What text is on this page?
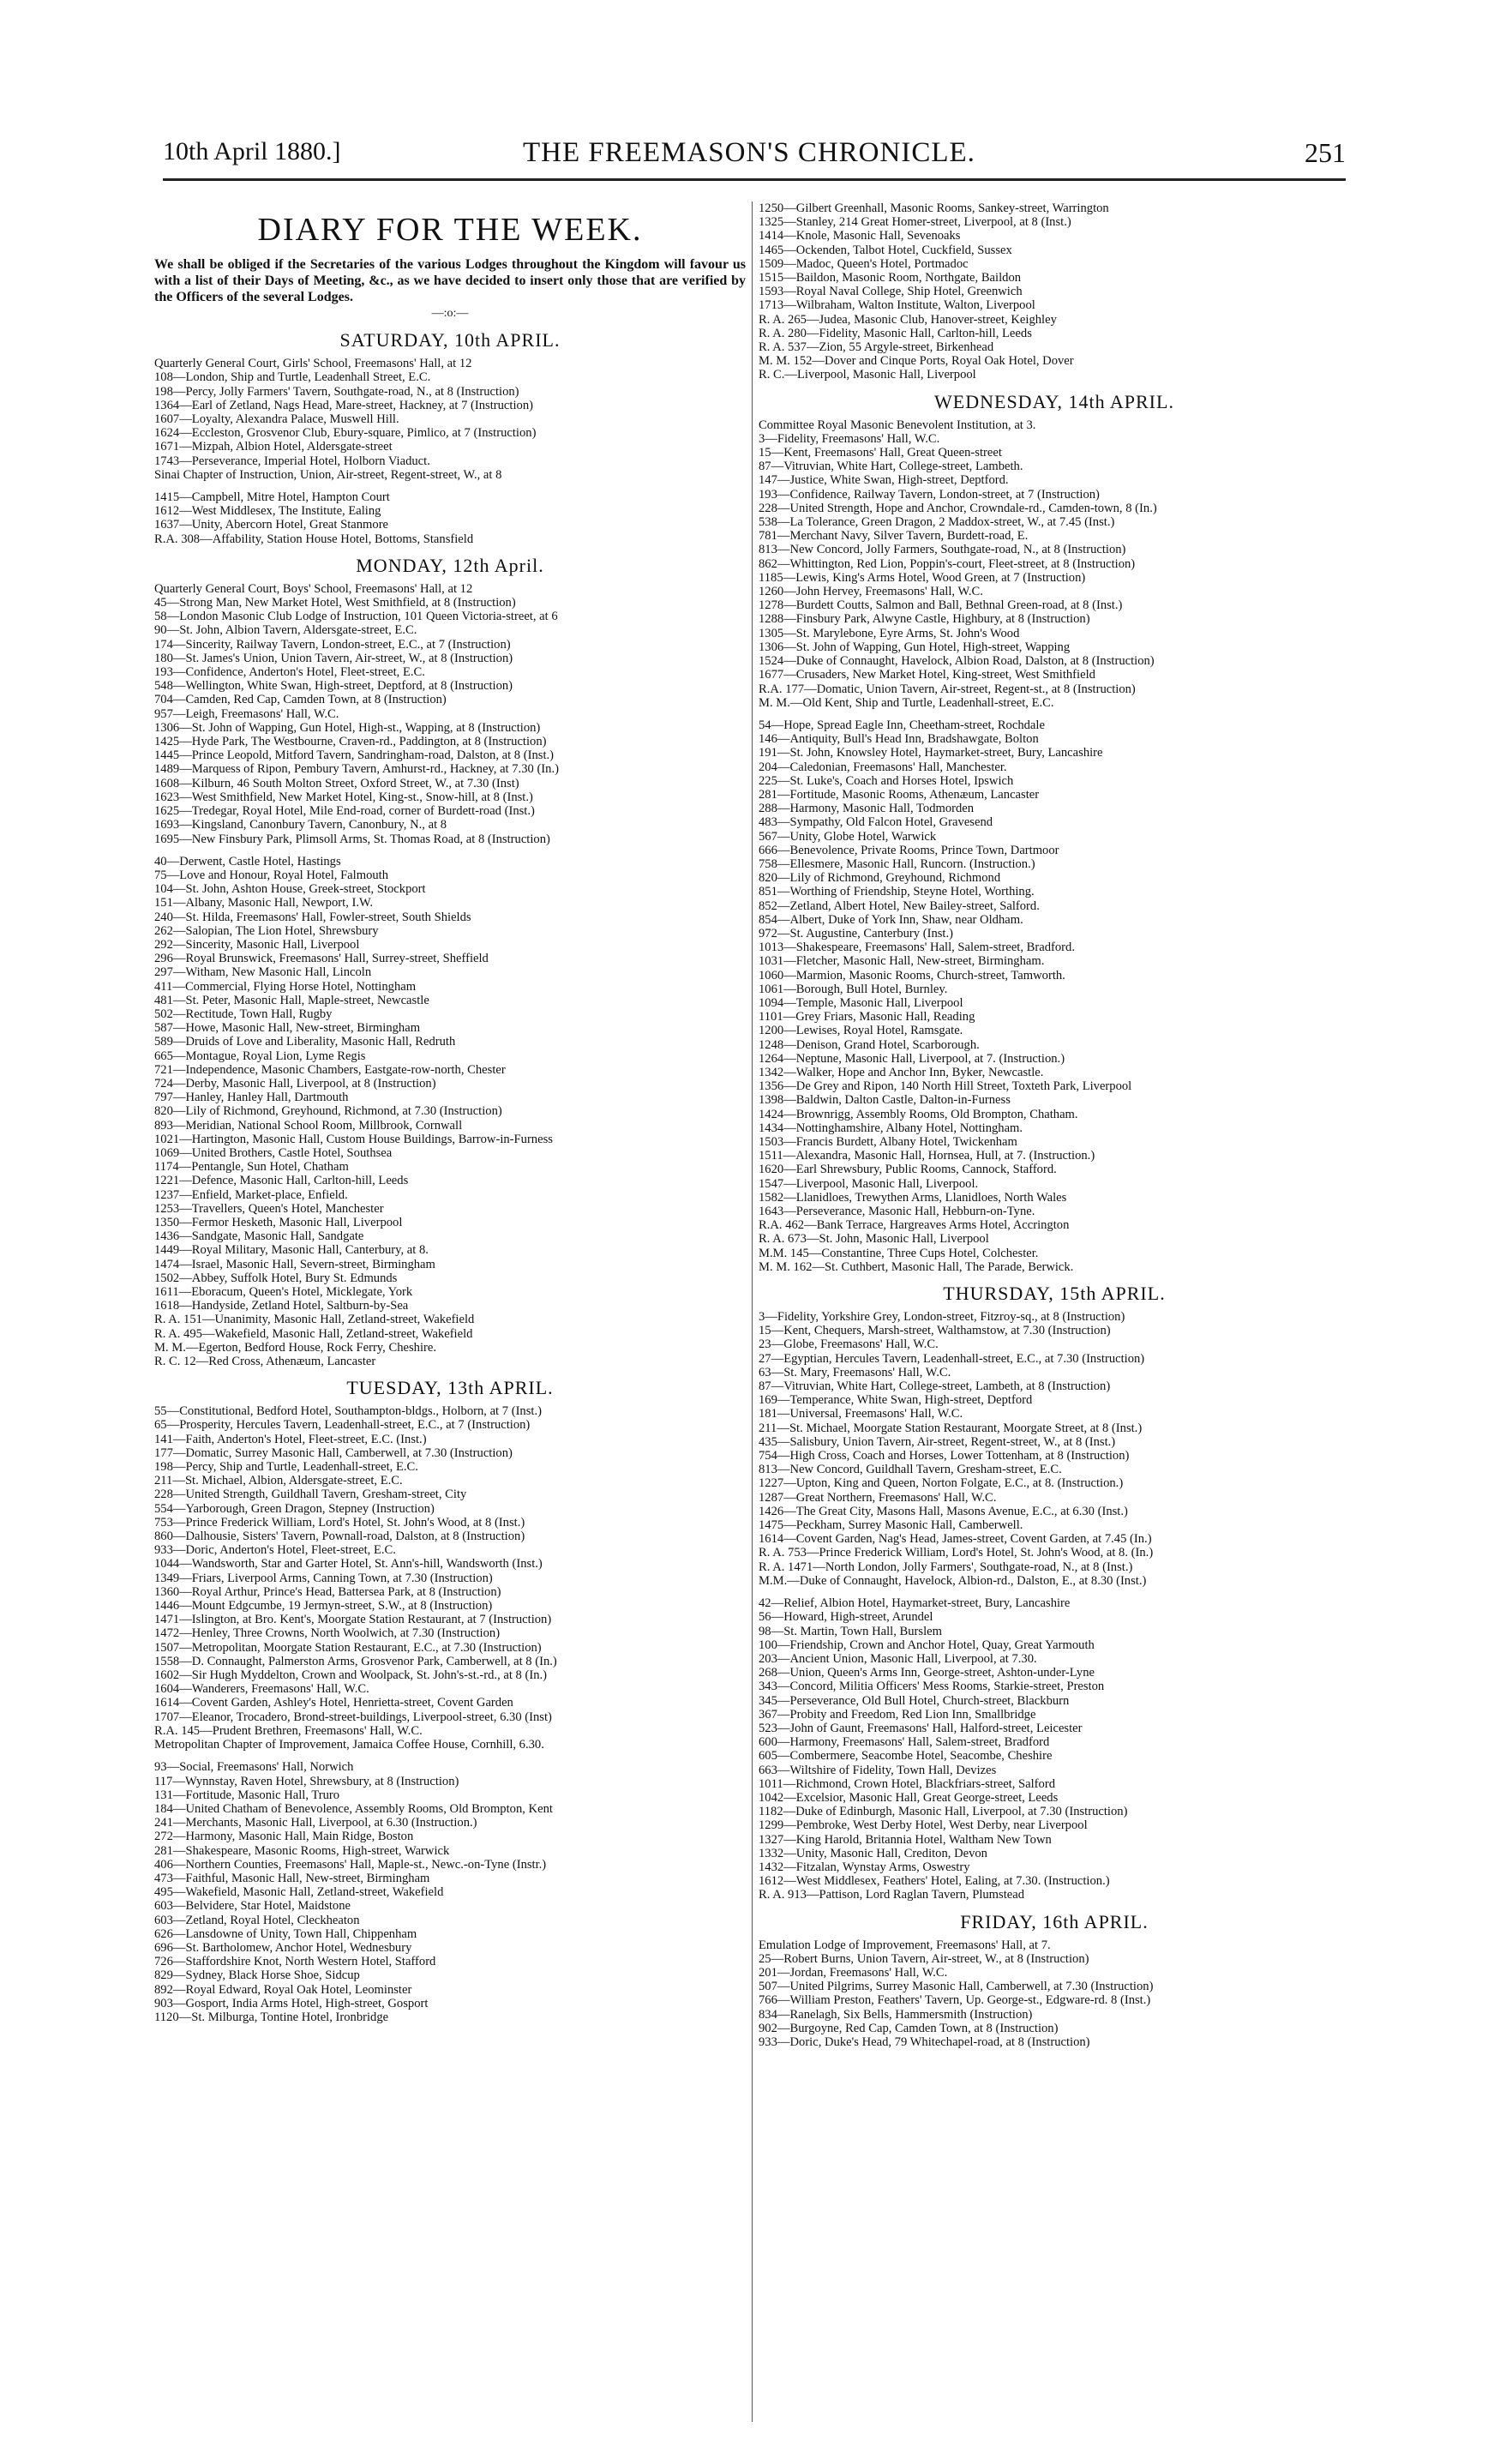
10th April 1880.]	THE FREEMASON'S CHRONICLE.	251
DIARY FOR THE WEEK.
We shall be obliged if the Secretaries of the various Lodges throughout the Kingdom will favour us with a list of their Days of Meeting, &c., as we have decided to insert only those that are verified by the Officers of the several Lodges.
—:o:—
SATURDAY, 10th APRIL.
Quarterly General Court, Girls' School, Freemasons' Hall, at 12
108—London, Ship and Turtle, Leadenhall Street, E.C.
198—Percy, Jolly Farmers' Tavern, Southgate-road, N., at 8 (Instruction)
1364—Earl of Zetland, Nags Head, Mare-street, Hackney, at 7 (Instruction)
1607—Loyalty, Alexandra Palace, Muswell Hill.
1624—Eccleston, Grosvenor Club, Ebury-square, Pimlico, at 7 (Instruction)
1671—Mizpah, Albion Hotel, Aldersgate-street
1743—Perseverance, Imperial Hotel, Holborn Viaduct.
Sinai Chapter of Instruction, Union, Air-street, Regent-street, W., at 8
1415—Campbell, Mitre Hotel, Hampton Court
1612—West Middlesex, The Institute, Ealing
1637—Unity, Abercorn Hotel, Great Stanmore
R.A. 308—Affability, Station House Hotel, Bottoms, Stansfield
MONDAY, 12th April.
Quarterly General Court, Boys' School, Freemasons' Hall, at 12
45—Strong Man, New Market Hotel, West Smithfield, at 8 (Instruction)
58—London Masonic Club Lodge of Instruction, 101 Queen Victoria-street, at 6
90—St. John, Albion Tavern, Aldersgate-street, E.C.
174—Sincerity, Railway Tavern, London-street, E.C., at 7 (Instruction)
180—St. James's Union, Union Tavern, Air-street, W., at 8 (Instruction)
193—Confidence, Anderton's Hotel, Fleet-street, E.C.
548—Wellington, White Swan, High-street, Deptford, at 8 (Instruction)
704—Camden, Red Cap, Camden Town, at 8 (Instruction)
957—Leigh, Freemasons' Hall, W.C.
1306—St. John of Wapping, Gun Hotel, High-st., Wapping, at 8 (Instruction)
1425—Hyde Park, The Westbourne, Craven-rd., Paddington, at 8 (Instruction)
1445—Prince Leopold, Mitford Tavern, Sandringham-road, Dalston, at 8 (Inst.)
1489—Marquess of Ripon, Pembury Tavern, Amhurst-rd., Hackney, at 7.30 (In.)
1608—Kilburn, 46 South Molton Street, Oxford Street, W., at 7.30 (Inst)
1623—West Smithfield, New Market Hotel, King-st., Snow-hill, at 8 (Inst.)
1625—Tredegar, Royal Hotel, Mile End-road, corner of Burdett-road (Inst.)
1693—Kingsland, Canonbury Tavern, Canonbury, N., at 8
1695—New Finsbury Park, Plimsoll Arms, St. Thomas Road, at 8 (Instruction)
40—Derwent, Castle Hotel, Hastings
75—Love and Honour, Royal Hotel, Falmouth
104—St. John, Ashton House, Greek-street, Stockport
151—Albany, Masonic Hall, Newport, I.W.
240—St. Hilda, Freemasons' Hall, Fowler-street, South Shields
262—Salopian, The Lion Hotel, Shrewsbury
292—Sincerity, Masonic Hall, Liverpool
296—Royal Brunswick, Freemasons' Hall, Surrey-street, Sheffield
297—Witham, New Masonic Hall, Lincoln
411—Commercial, Flying Horse Hotel, Nottingham
481—St. Peter, Masonic Hall, Maple-street, Newcastle
502—Rectitude, Town Hall, Rugby
587—Howe, Masonic Hall, New-street, Birmingham
589—Druids of Love and Liberality, Masonic Hall, Redruth
665—Montague, Royal Lion, Lyme Regis
721—Independence, Masonic Chambers, Eastgate-row-north, Chester
724—Derby, Masonic Hall, Liverpool, at 8 (Instruction)
797—Hanley, Hanley Hall, Dartmouth
820—Lily of Richmond, Greyhound, Richmond, at 7.30 (Instruction)
893—Meridian, National School Room, Millbrook, Cornwall
1021—Hartington, Masonic Hall, Custom House Buildings, Barrow-in-Furness
1069—United Brothers, Castle Hotel, Southsea
1174—Pentangle, Sun Hotel, Chatham
1221—Defence, Masonic Hall, Carlton-hill, Leeds
1237—Enfield, Market-place, Enfield.
1253—Travellers, Queen's Hotel, Manchester
1350—Fermor Hesketh, Masonic Hall, Liverpool
1436—Sandgate, Masonic Hall, Sandgate
1449—Royal Military, Masonic Hall, Canterbury, at 8.
1474—Israel, Masonic Hall, Severn-street, Birmingham
1502—Abbey, Suffolk Hotel, Bury St. Edmunds
1611—Eboracum, Queen's Hotel, Micklegate, York
1618—Handyside, Zetland Hotel, Saltburn-by-Sea
R. A. 151—Unanimity, Masonic Hall, Zetland-street, Wakefield
R. A. 495—Wakefield, Masonic Hall, Zetland-street, Wakefield
M. M.—Egerton, Bedford House, Rock Ferry, Cheshire.
R. C. 12—Red Cross, Athenæum, Lancaster
TUESDAY, 13th APRIL.
55—Constitutional, Bedford Hotel, Southampton-bldgs., Holborn, at 7 (Inst.)
65—Prosperity, Hercules Tavern, Leadenhall-street, E.C., at 7 (Instruction)
141—Faith, Anderton's Hotel, Fleet-street, E.C. (Inst.)
177—Domatic, Surrey Masonic Hall, Camberwell, at 7.30 (Instruction)
198—Percy, Ship and Turtle, Leadenhall-street, E.C.
211—St. Michael, Albion, Aldersgate-street, E.C.
228—United Strength, Guildhall Tavern, Gresham-street, City
554—Yarborough, Green Dragon, Stepney (Instruction)
753—Prince Frederick William, Lord's Hotel, St. John's Wood, at 8 (Inst.)
860—Dalhousie, Sisters' Tavern, Pownall-road, Dalston, at 8 (Instruction)
933—Doric, Anderton's Hotel, Fleet-street, E.C.
1044—Wandsworth, Star and Garter Hotel, St. Ann's-hill, Wandsworth (Inst.)
1349—Friars, Liverpool Arms, Canning Town, at 7.30 (Instruction)
1360—Royal Arthur, Prince's Head, Battersea Park, at 8 (Instruction)
1446—Mount Edgcumbe, 19 Jermyn-street, S.W., at 8 (Instruction)
1471—Islington, at Bro. Kent's, Moorgate Station Restaurant, at 7 (Instruction)
1472—Henley, Three Crowns, North Woolwich, at 7.30 (Instruction)
1507—Metropolitan, Moorgate Station Restaurant, E.C., at 7.30 (Instruction)
1558—D. Connaught, Palmerston Arms, Grosvenor Park, Camberwell, at 8 (In.)
1602—Sir Hugh Myddelton, Crown and Woolpack, St. John's-st.-rd., at 8 (In.)
1604—Wanderers, Freemasons' Hall, W.C.
1614—Covent Garden, Ashley's Hotel, Henrietta-street, Covent Garden
1707—Eleanor, Trocadero, Brond-street-buildings, Liverpool-street, 6.30 (Inst)
R.A. 145—Prudent Brethren, Freemasons' Hall, W.C.
Metropolitan Chapter of Improvement, Jamaica Coffee House, Cornhill, 6.30.
93—Social, Freemasons' Hall, Norwich
117—Wynnstay, Raven Hotel, Shrewsbury, at 8 (Instruction)
131—Fortitude, Masonic Hall, Truro
184—United Chatham of Benevolence, Assembly Rooms, Old Brompton, Kent
241—Merchants, Masonic Hall, Liverpool, at 6.30 (Instruction.)
272—Harmony, Masonic Hall, Main Ridge, Boston
281—Shakespeare, Masonic Rooms, High-street, Warwick
406—Northern Counties, Freemasons' Hall, Maple-st., Newc.-on-Tyne (Instr.)
473—Faithful, Masonic Hall, New-street, Birmingham
495—Wakefield, Masonic Hall, Zetland-street, Wakefield
603—Belvidere, Star Hotel, Maidstone
603—Zetland, Royal Hotel, Cleckheaton
626—Lansdowne of Unity, Town Hall, Chippenham
696—St. Bartholomew, Anchor Hotel, Wednesbury
726—Staffordshire Knot, North Western Hotel, Stafford
829—Sydney, Black Horse Shoe, Sidcup
892—Royal Edward, Royal Oak Hotel, Leominster
903—Gosport, India Arms Hotel, High-street, Gosport
1120—St. Milburga, Tontine Hotel, Ironbridge
1250—Gilbert Greenhall, Masonic Rooms, Sankey-street, Warrington
1325—Stanley, 214 Great Homer-street, Liverpool, at 8 (Inst.)
1414—Knole, Masonic Hall, Sevenoaks
1465—Ockenden, Talbot Hotel, Cuckfield, Sussex
1509—Madoc, Queen's Hotel, Portmadoc
1515—Baildon, Masonic Room, Northgate, Baildon
1593—Royal Naval College, Ship Hotel, Greenwich
1713—Wilbraham, Walton Institute, Walton, Liverpool
R. A. 265—Judea, Masonic Club, Hanover-street, Keighley
R. A. 280—Fidelity, Masonic Hall, Carlton-hill, Leeds
R. A. 537—Zion, 55 Argyle-street, Birkenhead
M. M. 152—Dover and Cinque Ports, Royal Oak Hotel, Dover
R. C.—Liverpool, Masonic Hall, Liverpool
WEDNESDAY, 14th APRIL.
Committee Royal Masonic Benevolent Institution, at 3.
3—Fidelity, Freemasons' Hall, W.C.
15—Kent, Freemasons' Hall, Great Queen-street
87—Vitruvian, White Hart, College-street, Lambeth.
147—Justice, White Swan, High-street, Deptford.
193—Confidence, Railway Tavern, London-street, at 7 (Instruction)
228—United Strength, Hope and Anchor, Crowndale-rd., Camden-town, 8 (In.)
538—La Tolerance, Green Dragon, 2 Maddox-street, W., at 7.45 (Inst.)
781—Merchant Navy, Silver Tavern, Burdett-road, E.
813—New Concord, Jolly Farmers, Southgate-road, N., at 8 (Instruction)
862—Whittington, Red Lion, Poppin's-court, Fleet-street, at 8 (Instruction)
1185—Lewis, King's Arms Hotel, Wood Green, at 7 (Instruction)
1260—John Hervey, Freemasons' Hall, W.C.
1278—Burdett Coutts, Salmon and Ball, Bethnal Green-road, at 8 (Inst.)
1288—Finsbury Park, Alwyne Castle, Highbury, at 8 (Instruction)
1305—St. Marylebone, Eyre Arms, St. John's Wood
1306—St. John of Wapping, Gun Hotel, High-street, Wapping
1524—Duke of Connaught, Havelock, Albion Road, Dalston, at 8 (Instruction)
1677—Crusaders, New Market Hotel, King-street, West Smithfield
R.A. 177—Domatic, Union Tavern, Air-street, Regent-st., at 8 (Instruction)
M. M.—Old Kent, Ship and Turtle, Leadenhall-street, E.C.
54—Hope, Spread Eagle Inn, Cheetham-street, Rochdale
146—Antiquity, Bull's Head Inn, Bradshawgate, Bolton
191—St. John, Knowsley Hotel, Haymarket-street, Bury, Lancashire
204—Caledonian, Freemasons' Hall, Manchester.
225—St. Luke's, Coach and Horses Hotel, Ipswich
281—Fortitude, Masonic Rooms, Athenæum, Lancaster
288—Harmony, Masonic Hall, Todmorden
483—Sympathy, Old Falcon Hotel, Gravesend
567—Unity, Globe Hotel, Warwick
666—Benevolence, Private Rooms, Prince Town, Dartmoor
758—Ellesmere, Masonic Hall, Runcorn. (Instruction.)
820—Lily of Richmond, Greyhound, Richmond
851—Worthing of Friendship, Steyne Hotel, Worthing.
852—Zetland, Albert Hotel, New Bailey-street, Salford.
854—Albert, Duke of York Inn, Shaw, near Oldham.
972—St. Augustine, Canterbury (Inst.)
1013—Shakespeare, Freemasons' Hall, Salem-street, Bradford.
1031—Fletcher, Masonic Hall, New-street, Birmingham.
1060—Marmion, Masonic Rooms, Church-street, Tamworth.
1061—Borough, Bull Hotel, Burnley.
1094—Temple, Masonic Hall, Liverpool
1101—Grey Friars, Masonic Hall, Reading
1200—Lewises, Royal Hotel, Ramsgate.
1248—Denison, Grand Hotel, Scarborough.
1264—Neptune, Masonic Hall, Liverpool, at 7. (Instruction.)
1342—Walker, Hope and Anchor Inn, Byker, Newcastle.
1356—De Grey and Ripon, 140 North Hill Street, Toxteth Park, Liverpool
1398—Baldwin, Dalton Castle, Dalton-in-Furness
1424—Brownrigg, Assembly Rooms, Old Brompton, Chatham.
1434—Nottinghamshire, Albany Hotel, Nottingham.
1503—Francis Burdett, Albany Hotel, Twickenham
1511—Alexandra, Masonic Hall, Hornsea, Hull, at 7. (Instruction.)
1620—Earl Shrewsbury, Public Rooms, Cannock, Stafford.
1547—Liverpool, Masonic Hall, Liverpool.
1582—Llanidloes, Trewythen Arms, Llanidloes, North Wales
1643—Perseverance, Masonic Hall, Hebburn-on-Tyne.
R.A. 462—Bank Terrace, Hargreaves Arms Hotel, Accrington
R. A. 673—St. John, Masonic Hall, Liverpool
M.M. 145—Constantine, Three Cups Hotel, Colchester.
M. M. 162—St. Cuthbert, Masonic Hall, The Parade, Berwick.
THURSDAY, 15th APRIL.
3—Fidelity, Yorkshire Grey, London-street, Fitzroy-sq., at 8 (Instruction)
15—Kent, Chequers, Marsh-street, Walthamstow, at 7.30 (Instruction)
23—Globe, Freemasons' Hall, W.C.
27—Egyptian, Hercules Tavern, Leadenhall-street, E.C., at 7.30 (Instruction)
63—St. Mary, Freemasons' Hall, W.C.
87—Vitruvian, White Hart, College-street, Lambeth, at 8 (Instruction)
169—Temperance, White Swan, High-street, Deptford
181—Universal, Freemasons' Hall, W.C.
211—St. Michael, Moorgate Station Restaurant, Moorgate Street, at 8 (Inst.)
435—Salisbury, Union Tavern, Air-street, Regent-street, W., at 8 (Inst.)
754—High Cross, Coach and Horses, Lower Tottenham, at 8 (Instruction)
813—New Concord, Guildhall Tavern, Gresham-street, E.C.
1227—Upton, King and Queen, Norton Folgate, E.C., at 8. (Instruction.)
1287—Great Northern, Freemasons' Hall, W.C.
1426—The Great City, Masons Hall, Masons Avenue, E.C., at 6.30 (Inst.)
1475—Peckham, Surrey Masonic Hall, Camberwell.
1614—Covent Garden, Nag's Head, James-street, Covent Garden, at 7.45 (In.)
R. A. 753—Prince Frederick William, Lord's Hotel, St. John's Wood, at 8. (In.)
R. A. 1471—North London, Jolly Farmers', Southgate-road, N., at 8 (Inst.)
M.M.—Duke of Connaught, Havelock, Albion-rd., Dalston, E., at 8.30 (Inst.)
42—Relief, Albion Hotel, Haymarket-street, Bury, Lancashire
56—Howard, High-street, Arundel
98—St. Martin, Town Hall, Burslem
100—Friendship, Crown and Anchor Hotel, Quay, Great Yarmouth
203—Ancient Union, Masonic Hall, Liverpool, at 7.30.
268—Union, Queen's Arms Inn, George-street, Ashton-under-Lyne
343—Concord, Militia Officers' Mess Rooms, Starkie-street, Preston
345—Perseverance, Old Bull Hotel, Church-street, Blackburn
367—Probity and Freedom, Red Lion Inn, Smallbridge
523—John of Gaunt, Freemasons' Hall, Halford-street, Leicester
600—Harmony, Freemasons' Hall, Salem-street, Bradford
605—Combermere, Seacombe Hotel, Seacombe, Cheshire
663—Wiltshire of Fidelity, Town Hall, Devizes
1011—Richmond, Crown Hotel, Blackfriars-street, Salford
1042—Excelsior, Masonic Hall, Great George-street, Leeds
1182—Duke of Edinburgh, Masonic Hall, Liverpool, at 7.30 (Instruction)
1299—Pembroke, West Derby Hotel, West Derby, near Liverpool
1327—King Harold, Britannia Hotel, Waltham New Town
1332—Unity, Masonic Hall, Crediton, Devon
1432—Fitzalan, Wynstay Arms, Oswestry
1612—West Middlesex, Feathers' Hotel, Ealing, at 7.30. (Instruction.)
R. A. 913—Pattison, Lord Raglan Tavern, Plumstead
FRIDAY, 16th APRIL.
Emulation Lodge of Improvement, Freemasons' Hall, at 7.
25—Robert Burns, Union Tavern, Air-street, W., at 8 (Instruction)
201—Jordan, Freemasons' Hall, W.C.
507—United Pilgrims, Surrey Masonic Hall, Camberwell, at 7.30 (Instruction)
766—William Preston, Feathers' Tavern, Up. George-st., Edgware-rd. 8 (Inst.)
834—Ranelagh, Six Bells, Hammersmith (Instruction)
902—Burgoyne, Red Cap, Camden Town, at 8 (Instruction)
933—Doric, Duke's Head, 79 Whitechapel-road, at 8 (Instruction)
